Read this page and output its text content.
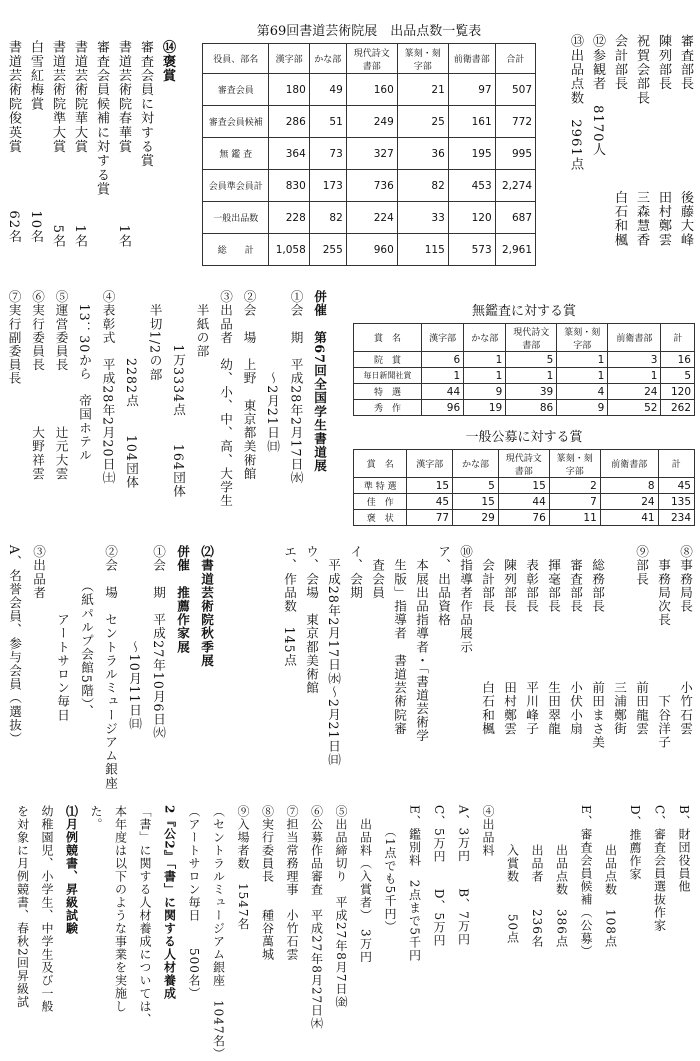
審査部長　　　　　　　後藤大峰
陳列部長　　　　　　　田村鄭雲
祝賀会部長　　　　　　三森慧香
会計部長　　　　　　　白石和楓
⑫参観者　8170人
⑬出品点数　2961点
第69回書道芸術院展　出品点数一覧表
役員、部名	漢字部	かな部	現代詩文書部	篆刻・刻字部	前衛書部	合計
審査会員	180	49	160	21	97	507
審査会員候補	286	51	249	25	161	772
無 鑑 査	364	73	327	36	195	995
会員準会員計	830	173	736	82	453	2,274
一般出品数	228	82	224	33	120	687
総　　計	1,058	255	960	115	573	2,961
⑭褒賞
審査会員に対する賞
書道芸術院春華賞　　　　　1名
審査会員候補に対する賞
書道芸術院華大賞　　　　　1名
書道芸術院準大賞　　　　　5名
白雪紅梅賞　　　　　　　10名
書道芸術院俊英賞　　　　62名
無鑑査に対する賞
賞　名	漢字部	かな部	現代詩文書部	篆刻・刻字部	前衛書部	計
院　賞	6	1	5	1	3	16
毎日新聞社賞	1	1	1	1	1	5
特　選	44	9	39	4	24	120
秀　作	96	19	86	9	52	262
一般公募に対する賞
賞　名	漢字部	かな部	現代詩文書部	篆刻・刻字部	前衛書部	計
準 特 選	15	5	15	2	8	45
佳　作	45	15	44	7	24	135
褒　状	77	29	76	11	41	234
併催　第67回全国学生書道展
①会　期　平成28年2月17日㈬
　　　　　　〜2月21日㈰
②会　場　上野　東京都美術館
③出品者　幼、小、中、高、大学生
　半紙の部
　　　　1万3334点　　164団体
　半切1/2の部
　　　　　2282点　　104団体
④表彰式　平成28年2月20日㈯
　13：30から　帝国ホテル
⑤運営委員長　　　　辻元大雲
⑥実行委員長　　　　大野祥雲
⑦実行副委員長
⑧事務局長　　　　　小竹石雲
　事務局次長　　　　　下谷洋子
⑨部長　　　　　　　前田龍雲
　　　　　　　　　　三浦鄭街
　総務部長　　　　　前田まさ美
　審査部長　　　　　小伏小扇
　揮毫部長　　　　　生田翠龍
　表彰部長　　　　　平川峰子
　陳列部長　　　　　田村鄭雲
　会計部長　　　　　白石和楓
⑩指導者作品展示
ア、出品資格
　本展出品指導者・「書道芸術学
　生版」指導者　書道芸術院審
　査会員
イ、会期
　平成28年2月17日㈬〜2月21日㈰
ウ、会場　東京都美術館
エ、作品数　145点
⑵書道芸術院秋季展
併催　推薦作家展
①会　期　平成27年10月6日㈫
　　　　　　　〜10月11日㈰
②会　場　セントラルミュージアム銀座
　　　（紙パルプ会館5階）、
　　　　　アートサロン毎日
③出品者
A、名誉会員、参与会員（選抜）
B、財団役員他
C、審査会員選抜作家
D、推薦作家
　　　出品点数　108点
E、審査会員候補（公募）
　　　出品点数　386点
　　　出品者　　236名
　　　入賞数　　 50点
④出品料
A、3万円　　B、7万円
C、5万円　　D、5万円
E、鑑別料　2点まで5千円
　　（1点でも5千円）
　出品料（入賞者）　3万円
⑤出品締切り　平成27年8月7日㈮
⑥公募作品審査　平成27年8月27日㈭
⑦担当常務理事　小竹石雲
⑧実行委員長　　種谷萬城
⑨入場者数　1547名
（セントラルミュージアム銀座　1047名）
（アートサロン毎日　　500名）
2『公2』「書」に関する人材養成
「書」に関する人材養成については、
本年度は以下のような事業を実施し
た。
⑴月例競書、昇級試験
幼稚園児、小学生、中学生及び一般
を対象に月例競書、春秋2回昇級試
